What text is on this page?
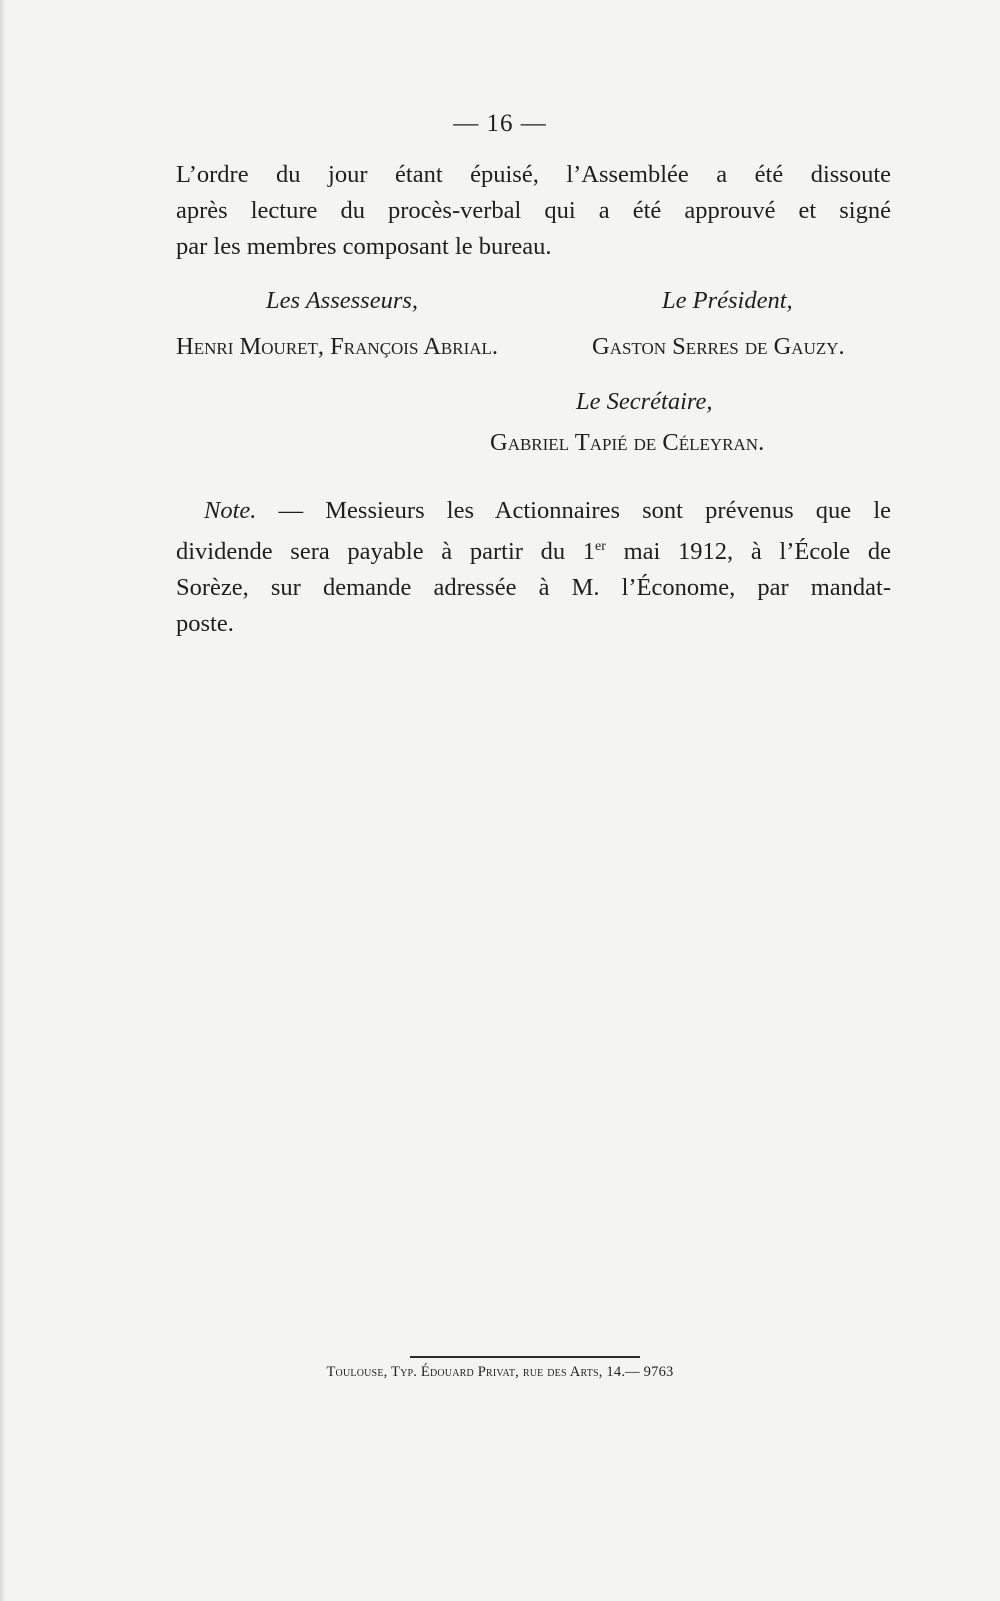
— 16 —
L’ordre du jour étant épuisé, l’Assemblée a été dissoute
après lecture du procès-verbal qui a été approuvé et signé
par les membres composant le bureau.
Les Assesseurs,	Le Président,
Henri Mouret, François Abrial.	Gaston Serres de Gauzy.
Le Secrétaire,
Gabriel Tapié de Céleyran.
Note. — Messieurs les Actionnaires sont prévenus que le
dividende sera payable à partir du 1er mai 1912, à l’École de
Sorèze, sur demande adressée à M. l’Économe, par mandat-
poste.
Toulouse, Typ. Édouard Privat, rue des Arts, 14.— 9763
